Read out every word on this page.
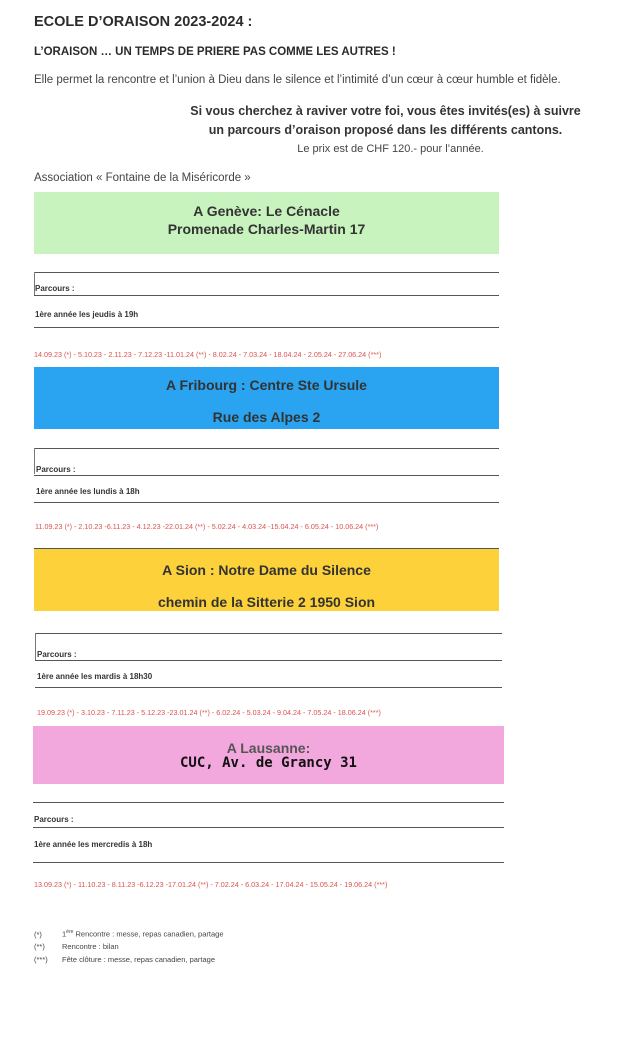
ECOLE D’ORAISON 2023-2024 :
L’ORAISON … UN TEMPS DE PRIERE PAS COMME LES AUTRES !
Elle permet la rencontre et l’union à Dieu dans le silence et l’intimité d’un cœur à cœur humble et fidèle.
Si vous cherchez à raviver votre foi, vous êtes invités(es) à suivre
un parcours d’oraison proposé dans les différents cantons.
Le prix est de CHF 120.- pour l’année.
Association « Fontaine de la Miséricorde »
A Genève: Le Cénacle
Promenade Charles-Martin 17
Parcours :
1ère année les jeudis à 19h
14.09.23 (*) - 5.10.23 - 2.11.23 - 7.12.23 -11.01.24 (**) - 8.02.24 - 7.03.24 - 18.04.24 - 2.05.24 - 27.06.24 (***)
A Fribourg : Centre Ste Ursule
Rue des Alpes 2
Parcours :
1ère année les lundis à 18h
11.09.23 (*) - 2.10.23 -6.11.23 - 4.12.23 -22.01.24 (**) - 5.02.24 - 4.03.24 -15.04.24 - 6.05.24 - 10.06.24 (***)
A Sion : Notre Dame du Silence
chemin de la Sitterie 2 1950 Sion
Parcours :
1ère année les mardis à 18h30
19.09.23 (*) - 3.10.23 - 7.11.23 - 5.12.23 -23.01.24 (**) - 6.02.24 - 5.03.24 - 9.04.24 - 7.05.24 - 18.06.24 (***)
A Lausanne:
CUC, Av. de Grancy 31
Parcours :
1ère année les mercredis à 18h
13.09.23 (*) - 11.10.23 - 8.11.23 -6.12.23 -17.01.24 (**) - 7.02.24 - 6.03.24 - 17.04.24 - 15.05.24 - 19.06.24 (***)
(*)	1ère Rencontre : messe, repas canadien, partage
(**) Rencontre : bilan
(***) Fête clôture : messe, repas canadien, partage
